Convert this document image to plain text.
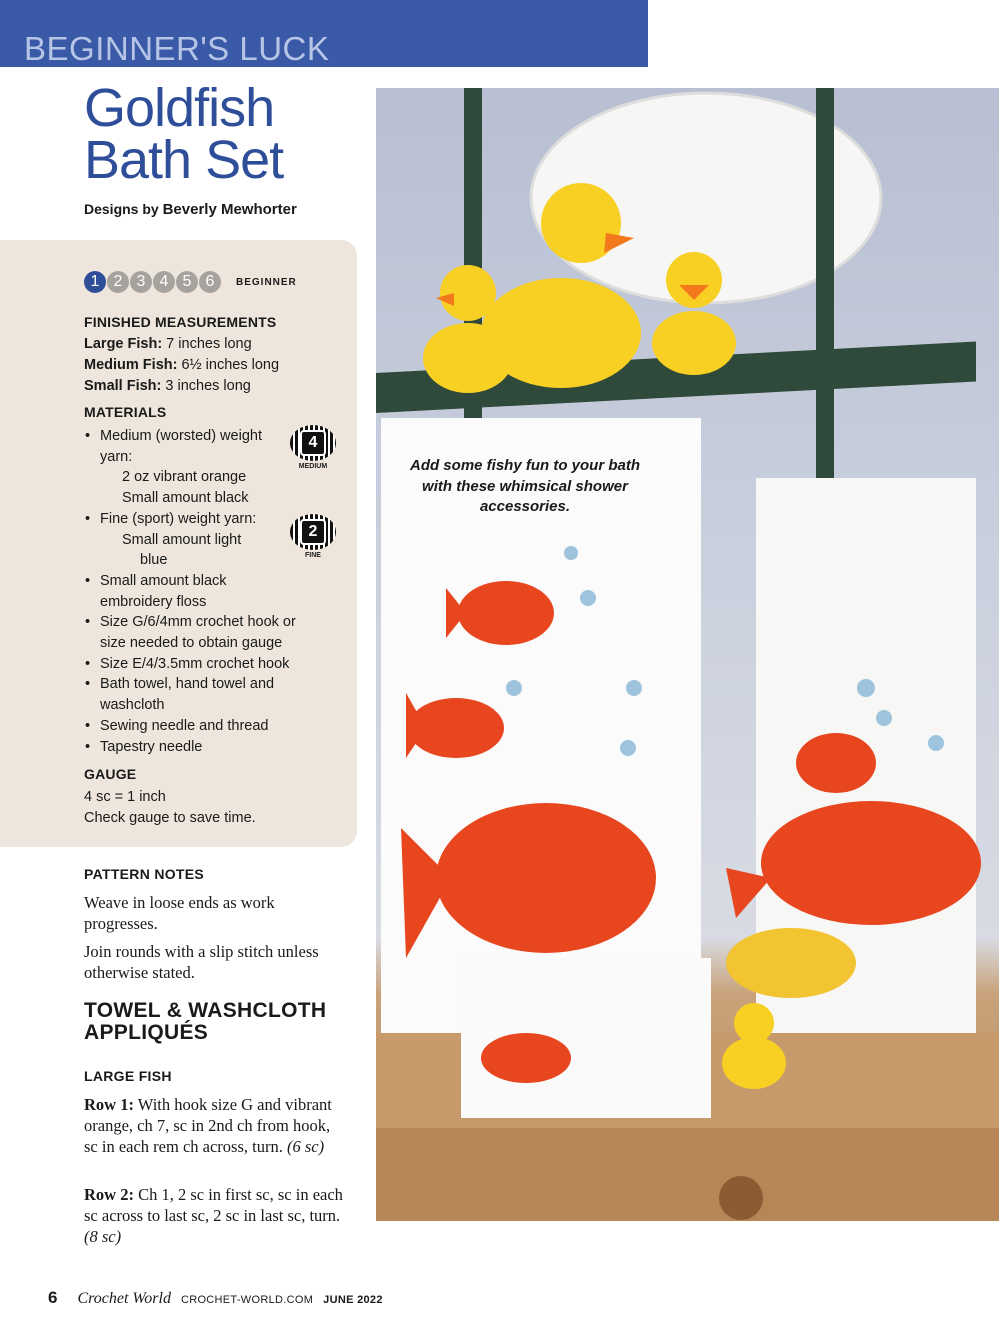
BEGINNER'S LUCK
Goldfish
Bath Set
Designs by Beverly Mewhorter
1 2 3 4 5 6	BEGINNER
FINISHED MEASUREMENTS
Large Fish: 7 inches long
Medium Fish: 6½ inches long
Small Fish: 3 inches long
MATERIALS
• Medium (worsted) weight
yarn:
2 oz vibrant orange
Small amount black
• Fine (sport) weight yarn:
Small amount light
blue
• Small amount black
embroidery floss
• Size G/6/4mm crochet hook or
size needed to obtain gauge
• Size E/4/3.5mm crochet hook
• Bath towel, hand towel and
washcloth
• Sewing needle and thread
• Tapestry needle
4
MEDIUM
2
FINE
GAUGE
4 sc = 1 inch
Check gauge to save time.
PATTERN NOTES
Weave in loose ends as work progresses.
Join rounds with a slip stitch unless otherwise stated.
TOWEL & WASHCLOTH
APPLIQUÉS
LARGE FISH
Row 1: With hook size G and vibrant orange, ch 7, sc in 2nd ch from hook, sc in each rem ch across, turn. (6 sc)
Row 2: Ch 1, 2 sc in first sc, sc in each sc across to last sc, 2 sc in last sc, turn. (8 sc)
Add some fishy fun to your bath with these whimsical shower accessories.
6 Crochet World CROCHET-WORLD.COM JUNE 2022
